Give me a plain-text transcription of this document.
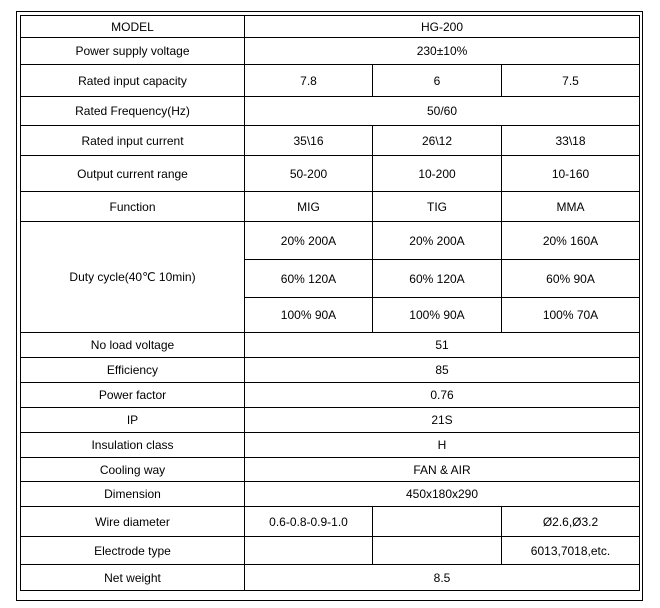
MODEL	HG-200		
Power supply voltage	230±10%		
Rated input capacity	7.8	6	7.5
Rated Frequency(Hz)	50/60		
Rated input current	35\16	26\12	33\18
Output current range	50-200	10-200	10-160
Function	MIG	TIG	MMA
Duty cycle(40℃ 10min)	20% 200A	20% 200A	20% 160A
	60% 120A	60% 120A	60% 90A
	100% 90A	100% 90A	100% 70A
No load voltage	51		
Efficiency	85		
Power factor	0.76		
IP	21S		
Insulation class	H		
Cooling way	FAN & AIR		
Dimension	450x180x290		
Wire diameter	0.6-0.8-0.9-1.0		Ø2.6,Ø3.2
Electrode type			6013,7018,etc.
Net weight	8.5		
